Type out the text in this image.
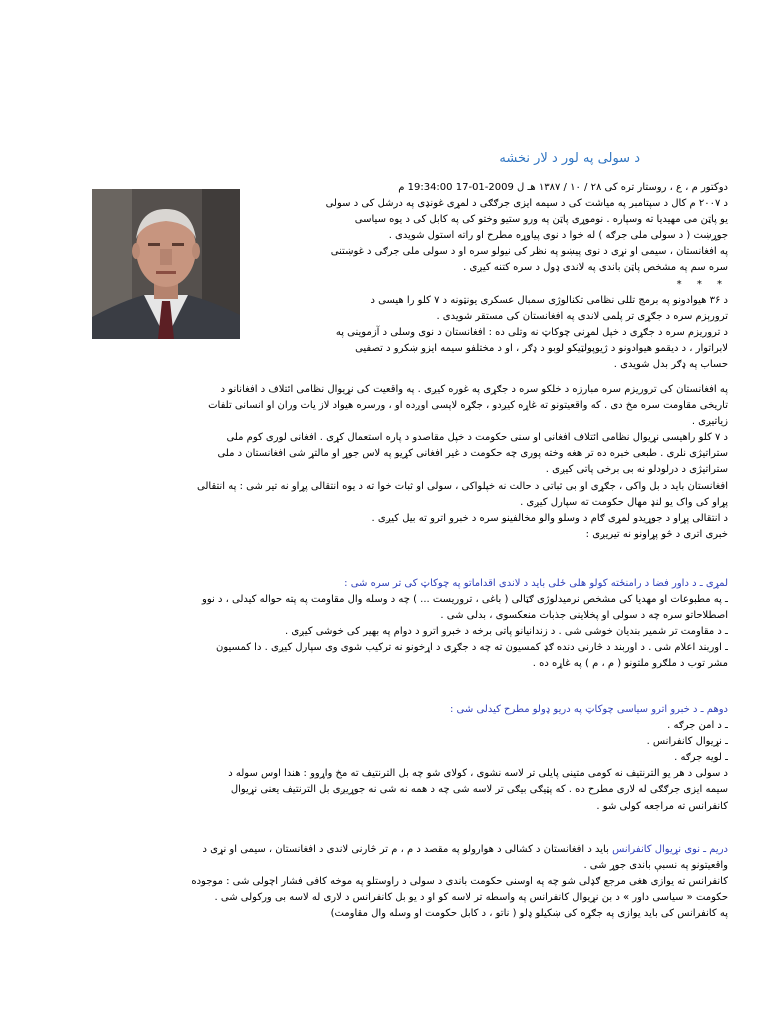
د سولی په لور د لار نخشه
دوکتور م ، ع ، روستار تره کی ۲۸ / ۱۰ / ۱۳۸۷ هـ ل 2009-01-17 19:34:00 م
د ۲۰۰۷ م کال د سپتامبر په میاشت کی د سیمه ایزی جرګګی د لمړی غونډی په درشل کی د سولی
یو پاټن می مهیدیا ته وسپاره . نوموړی پاټن په ورو ستیو وختو کی په کابل کی د یوه سیاسی
جوړښت ( د سولی ملی جرګه ) له خوا د نوی پیاوړه مطرح او راته استول شویدی .
په افغانستان ، سیمی او نړی د نوی پیښو په نظر کی نیولو سره او د سولی ملی جرګی د غوښتنی
سره سم په مشخص پاټن باندی په لاندی ډول د سره کتنه کیږی .
* * *
د ۳۶ هیوادونو په برمج تللی نظامی تکنالوژی سمبال عسکری یونټونه د ۷ کلو را هیسی د
ترورېزم سره د جګړی تر پلمی لاندی په افغانستان کی مستقر شویدی .
د تروریزم سره د جګړی د خپل لمړنی چوکاټ نه وتلی ده : افغانستان د نوی وسلی د آزموینی په
لابراتوار ، د دیقمو هیوادونو د ژیوپولټیکو لوبو د ډګر ، او د مختلفو سیمه ایزو ښکرو د تصفیی
حساب په ډګر بدل شویدی .
په افغانستان کی تروریزم سره مبارزه د خلکو سره د جګړی په غوره کیږی . په واقعیت کی نړیوال نظامی ائتلاف د افغانانو د
تاریخی مقاومت سره مخ دی . که واقعیتونو ته غاړه کیږدو ، جګړه لاپسی اوږده او ، ورسره هیواد لاز یات وران او انسانی تلفات
زیاتیږی .
د ۷ کلو راهیسی نړیوال نظامی ائتلاف افغانی او سنی حکومت د خپل مقاصدو د پاره استعمال کړی . افغانی لوری کوم ملی
ستراتیژی نلری . طبعی خبره ده تر هغه وخته پوری چه حکومت د غیر افغانی کړیو په لاس جوړ او مالتړ شی افغانستان د ملی
ستراتیژی د درلودلو نه بی برخی پاتی کیږی .
افغانستان باید د بل واکی ، جګړی او بی ثباتی د حالت نه خپلواکی ، سولی او ثبات خوا ته د یوه انتقالی پړاو نه تیر شی : په انتقالی
پړاو کی واک یو لنډ مهال حکومت ته سپارل کیږی .
د انتقالی پړاو د جوړیدو لمړی ګام د وسلو والو مخالفینو سره د خبرو اترو ته بیل کیږی .
خبری اتری د څو پړاونو نه تیریږی :
لمړی ـ د داور فضا د رامنځته کولو هلی ځلی باید د لاندی اقداماتو په چوکاټ کی تر سره شی :
ـ په مطبوعات او مهدیا کی مشخص نرمیدلوژی ګټالی ( باغی ، تروریست ... ) چه د وسله وال مقاومت په پته حواله کیدلی ، د نوو
اصطلاحاتو سره چه د سولی او پخلاینی جذبات منعکسوی ، بدلی شی .
ـ د مقاومت تر شمیر بندیان خوشی شی . د زندانیانو پاتی برخه د خبرو اترو د دوام په بهیر کی خوشی کیږی .
ـ اوربند اعلام شی . د اوربند د څارنی دنده ګډ کمسیون ته چه د جګړی د اړخونو نه ترکیب شوی وی سپارل کیږی . دا کمسیون
مشر توب د ملګرو ملتونو ( م ، م ) په غاړه ده .
دوهم ـ د خبرو اترو سیاسی چوکاټ په دریو ډولو مطرح کیدلی شی :
ـ د امن جرګه .
ـ نړیوال کانفرانس .
ـ لویه جرګه .
د سولی د هر یو الترنتیف نه کومی متینی پایلی تر لاسه نشوی ، کولای شو چه بل الترنتیف ته مخ واړوو : هندا اوس سوله د
سیمه ایزی جرګګی له لاری مطرح ده . که پټیګی بیګی تر لاسه شی چه د همه نه شی نه جوړیږی بل الترنتیف یعنی نړیوال
کانفرانس ته مراجعه کولی شو .
دریم ـ نوی نړیوال کانفرانس باید د افغانستان د کشالی د هوارولو په مقصد د م ، م تر څارنی لاندی د افغانستان ، سیمی او نړی د
واقعیتونو په نسبې باندی جوړ شی .
کانفرانس ته یوازی هغی مرجع ګډلی شو چه په اوسنی حکومت باندی د سولی د راوستلو په موخه کافی فشار اچولی شی : موجوده
حکومت « سیاسی داور » د بن نړیوال کانفرانس په واسطه تر لاسه کو او د یو بل کانفرانس د لاری له لاسه بی ورکولی شی .
په کانفرانس کی باید یوازی په جګړه کی ښکیلو ډلو ( ناتو ، د کابل حکومت او وسله وال مقاومت)
